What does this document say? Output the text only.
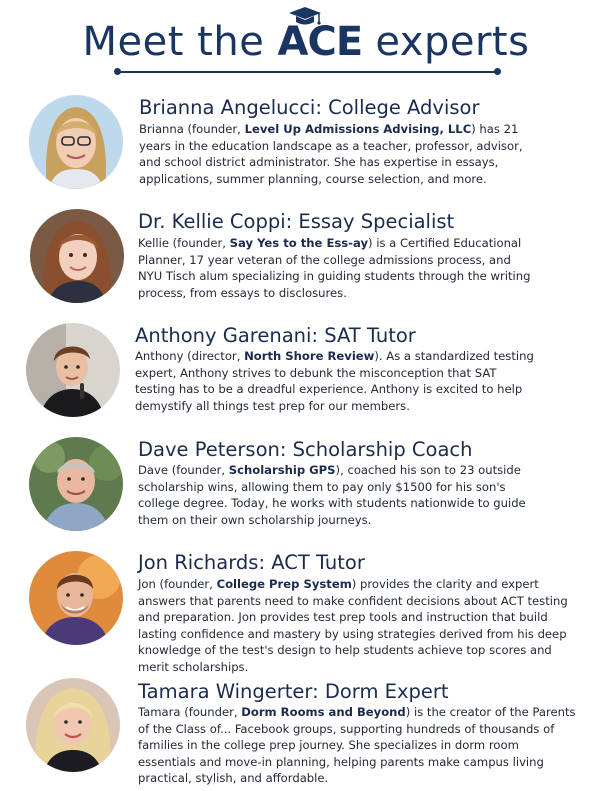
Meet the ACE experts
Brianna Angelucci: College Advisor
Brianna (founder, Level Up Admissions Advising, LLC) has 21 years in the education landscape as a teacher, professor, advisor, and school district administrator. She has expertise in essays, applications, summer planning, course selection, and more.
Dr. Kellie Coppi: Essay Specialist
Kellie (founder, Say Yes to the Ess-ay) is a Certified Educational Planner, 17 year veteran of the college admissions process, and NYU Tisch alum specializing in guiding students through the writing process, from essays to disclosures.
Anthony Garenani: SAT Tutor
Anthony (director, North Shore Review). As a standardized testing expert, Anthony strives to debunk the misconception that SAT testing has to be a dreadful experience. Anthony is excited to help demystify all things test prep for our members.
Dave Peterson: Scholarship Coach
Dave (founder, Scholarship GPS), coached his son to 23 outside scholarship wins, allowing them to pay only $1500 for his son's college degree. Today, he works with students nationwide to guide them on their own scholarship journeys.
Jon Richards: ACT Tutor
Jon (founder, College Prep System) provides the clarity and expert answers that parents need to make confident decisions about ACT testing and preparation. Jon provides test prep tools and instruction that build lasting confidence and mastery by using strategies derived from his deep knowledge of the test's design to help students achieve top scores and merit scholarships.
Tamara Wingerter: Dorm Expert
Tamara (founder, Dorm Rooms and Beyond) is the creator of the Parents of the Class of... Facebook groups, supporting hundreds of thousands of families in the college prep journey. She specializes in dorm room essentials and move-in planning, helping parents make campus living practical, stylish, and affordable.
